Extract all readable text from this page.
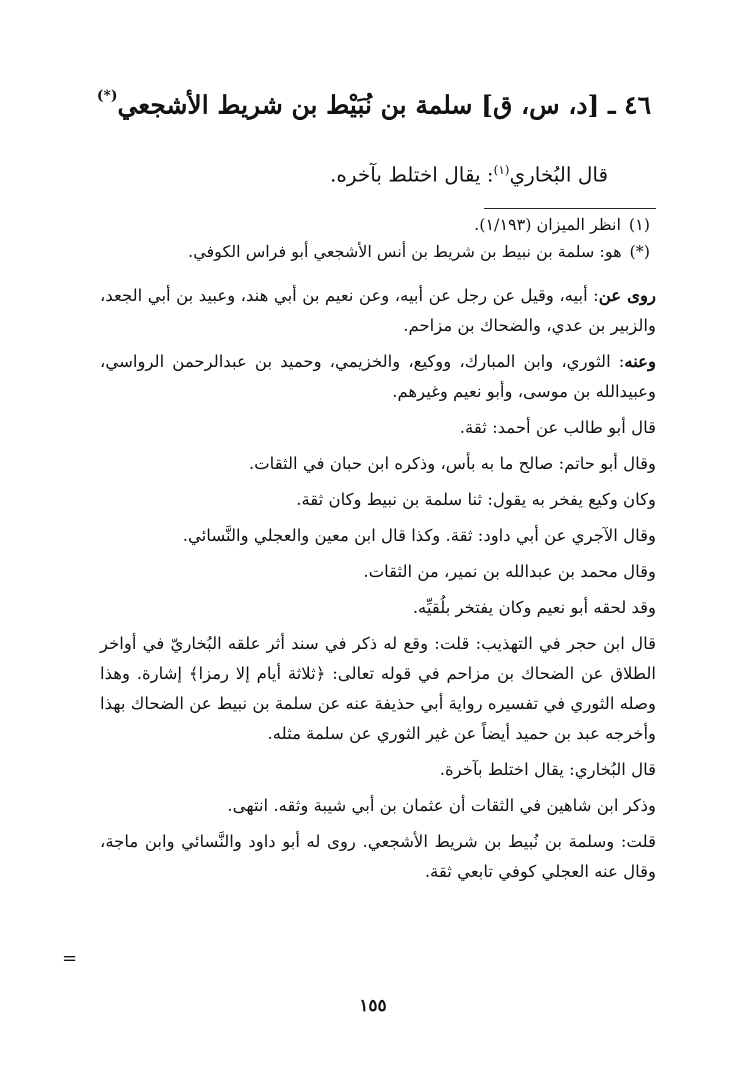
٤٦ ـ [د، س، ق] سلمة بن نُبَيْط بن شريط الأشجعي(*)
قال البُخاري$^{(١)}$: يقال اختلط بآخره.

(١)انظر الميزان (١/١٩٣).

(*)هو: سلمة بن نبيط بن شريط بن أنس الأشجعي أبو فراس الكوفي.

روى عن: أبيه، وقيل عن رجل عن أبيه، وعن نعيم بن أبي هند، وعبيد بن أبي الجعد، والزبير بن عدي، والضحاك بن مزاحم.

وعنه: الثوري، وابن المبارك، ووكيع، والخزيمي، وحميد بن عبدالرحمن الرواسي، وعبيدالله بن موسى، وأبو نعيم وغيرهم.

قال أبو طالب عن أحمد: ثقة.

وقال أبو حاتم: صالح ما به بأس، وذكره ابن حبان في الثقات.

وكان وكيع يفخر به يقول: ثنا سلمة بن نبيط وكان ثقة.

وقال الآجري عن أبي داود: ثقة. وكذا قال ابن معين والعجلي والنَّسائي.

وقال محمد بن عبدالله بن نمير، من الثقات.

وقد لحقه أبو نعيم وكان يفتخر بلُقيِّه.

قال ابن حجر في التهذيب: قلت: وقع له ذكر في سند أثر علقه البُخاريّ في أواخر الطلاق عن الضحاك بن مزاحم في قوله تعالى: ﴿ثلاثة أيام إلا رمزا﴾ إشارة. وهذا وصله الثوري في تفسيره رواية أبي حذيفة عنه عن سلمة بن نبيط عن الضحاك بهذا وأخرجه عبد بن حميد أيضاً عن غير الثوري عن سلمة مثله.

قال البُخاري: يقال اختلط بآخرة.

وذكر ابن شاهين في الثقات أن عثمان بن أبي شيبة وثقه. انتهى.

قلت: وسلمة بن نُبيط بن شريط الأشجعي. روى له أبو داود والنَّسائي وابن ماجة، وقال عنه العجلي كوفي تابعي ثقة.

=
١٥٥
